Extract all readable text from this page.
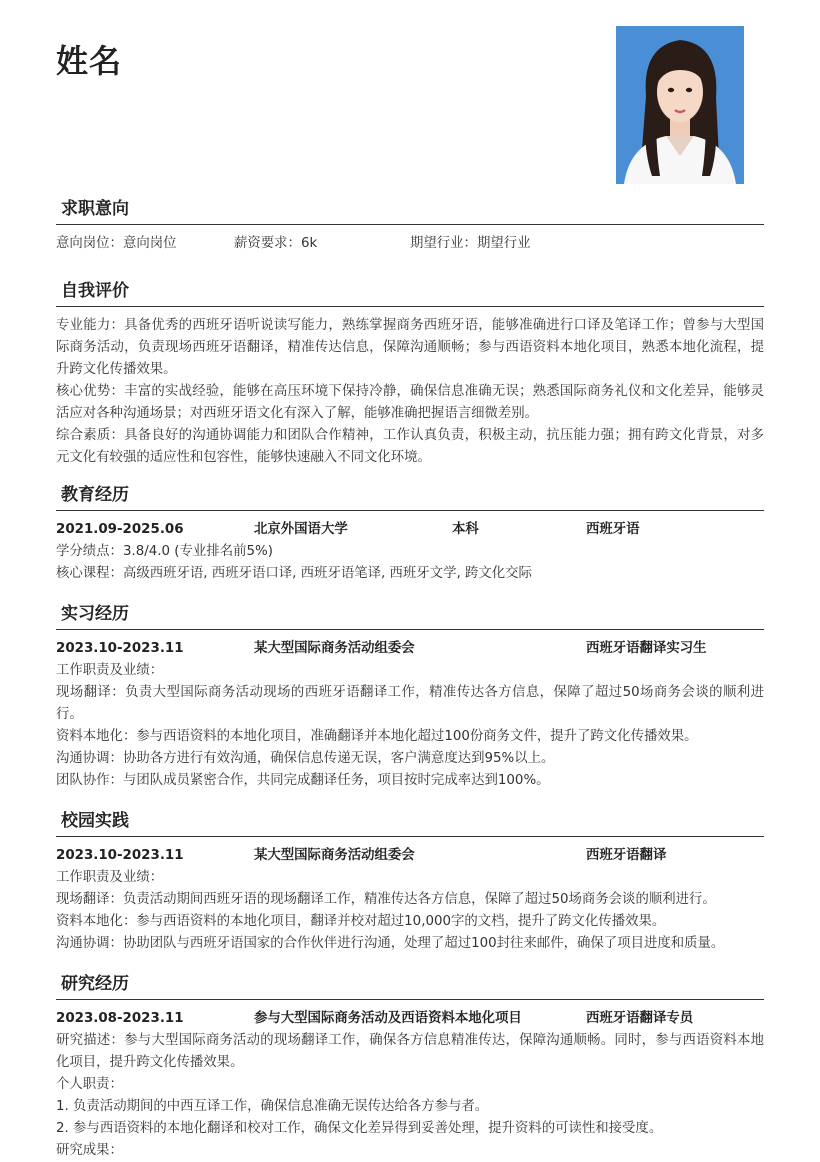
姓名
求职意向
意向岗位：意向岗位	薪资要求：6k	期望行业：期望行业
自我评价

专业能力：具备优秀的西班牙语听说读写能力，熟练掌握商务西班牙语，能够准确进行口译及笔译工作；曾参与大型国际商务活动，负责现场西班牙语翻译，精准传达信息，保障沟通顺畅；参与西语资料本地化项目，熟悉本地化流程，提升跨文化传播效果。

核心优势：丰富的实战经验，能够在高压环境下保持冷静，确保信息准确无误；熟悉国际商务礼仪和文化差异，能够灵活应对各种沟通场景；对西班牙语文化有深入了解，能够准确把握语言细微差别。

综合素质：具备良好的沟通协调能力和团队合作精神，工作认真负责，积极主动，抗压能力强；拥有跨文化背景，对多元文化有较强的适应性和包容性，能够快速融入不同文化环境。

教育经历
2021.09-2025.06	北京外国语大学	本科	西班牙语

学分绩点：3.8/4.0 (专业排名前5%)

核心课程：高级西班牙语, 西班牙语口译, 西班牙语笔译, 西班牙文学, 跨文化交际

实习经历
2023.10-2023.11	某大型国际商务活动组委会	西班牙语翻译实习生

工作职责及业绩：

现场翻译：负责大型国际商务活动现场的西班牙语翻译工作，精准传达各方信息，保障了超过50场商务会谈的顺利进行。

资料本地化：参与西语资料的本地化项目，准确翻译并本地化超过100份商务文件，提升了跨文化传播效果。

沟通协调：协助各方进行有效沟通，确保信息传递无误，客户满意度达到95%以上。

团队协作：与团队成员紧密合作，共同完成翻译任务，项目按时完成率达到100%。

校园实践
2023.10-2023.11	某大型国际商务活动组委会	西班牙语翻译

工作职责及业绩：

现场翻译：负责活动期间西班牙语的现场翻译工作，精准传达各方信息，保障了超过50场商务会谈的顺利进行。

资料本地化：参与西语资料的本地化项目，翻译并校对超过10,000字的文档，提升了跨文化传播效果。

沟通协调：协助团队与西班牙语国家的合作伙伴进行沟通，处理了超过100封往来邮件，确保了项目进度和质量。

研究经历
2023.08-2023.11	参与大型国际商务活动及西语资料本地化项目	西班牙语翻译专员

研究描述：参与大型国际商务活动的现场翻译工作，确保各方信息精准传达，保障沟通顺畅。同时，参与西语资料本地化项目，提升跨文化传播效果。

个人职责：

1. 负责活动期间的中西互译工作，确保信息准确无误传达给各方参与者。

2. 参与西语资料的本地化翻译和校对工作，确保文化差异得到妥善处理，提升资料的可读性和接受度。

研究成果：
